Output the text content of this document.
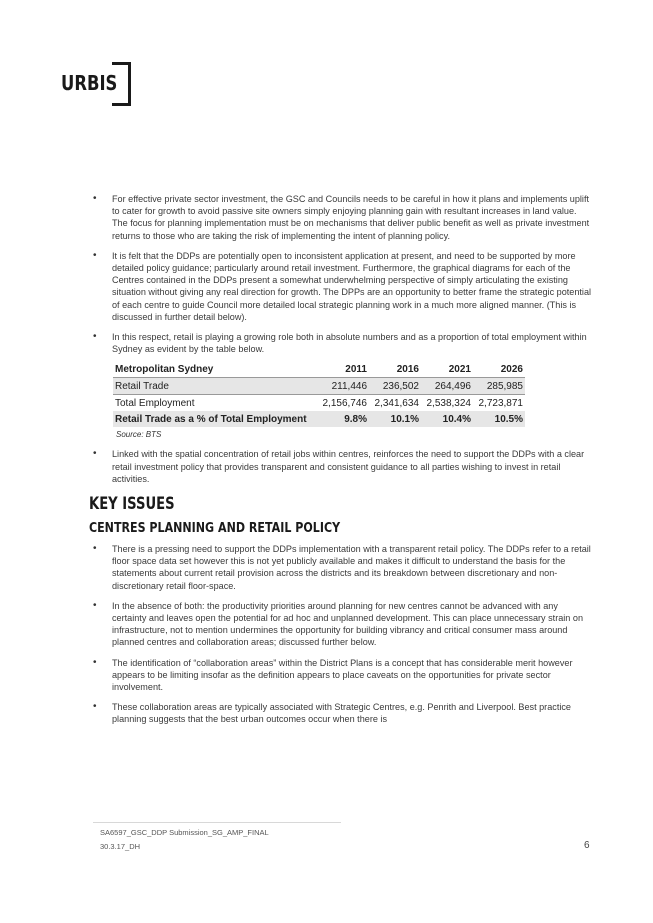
URBIS
• For effective private sector investment, the GSC and Councils needs to be careful in how it plans and implements uplift to cater for growth to avoid passive site owners simply enjoying planning gain with resultant increases in land value. The focus for planning implementation must be on mechanisms that deliver public benefit as well as private investment returns to those who are taking the risk of implementing the intent of planning policy.
• It is felt that the DDPs are potentially open to inconsistent application at present, and need to be supported by more detailed policy guidance; particularly around retail investment. Furthermore, the graphical diagrams for each of the Centres contained in the DDPs present a somewhat underwhelming perspective of simply articulating the existing situation without giving any real direction for growth. The DPPs are an opportunity to better frame the strategic potential of each centre to guide Council more detailed local strategic planning work in a much more aligned manner. (This is discussed in further detail below).
• In this respect, retail is playing a growing role both in absolute numbers and as a proportion of total employment within Sydney as evident by the table below.
Metropolitan Sydney	2011	2016	2021	2026
Retail Trade	211,446	236,502	264,496	285,985
Total Employment	2,156,746	2,341,634	2,538,324	2,723,871
Retail Trade as a % of Total Employment	9.8%	10.1%	10.4%	10.5%
Source: BTS
• Linked with the spatial concentration of retail jobs within centres, reinforces the need to support the DDPs with a clear retail investment policy that provides transparent and consistent guidance to all parties wishing to invest in retail activities.
KEY ISSUES
CENTRES PLANNING AND RETAIL POLICY
• There is a pressing need to support the DDPs implementation with a transparent retail policy. The DDPs refer to a retail floor space data set however this is not yet publicly available and makes it difficult to understand the basis for the statements about current retail provision across the districts and its breakdown between discretionary and non-discretionary retail floor-space.
• In the absence of both: the productivity priorities around planning for new centres cannot be advanced with any certainty and leaves open the potential for ad hoc and unplanned development. This can place unnecessary strain on infrastructure, not to mention undermines the opportunity for building vibrancy and critical consumer mass around planned centres and collaboration areas; discussed further below.
• The identification of “collaboration areas” within the District Plans is a concept that has considerable merit however appears to be limiting insofar as the definition appears to place caveats on the opportunities for private sector involvement.
• These collaboration areas are typically associated with Strategic Centres, e.g. Penrith and Liverpool. Best practice planning suggests that the best urban outcomes occur when there is
SA6597_GSC_DDP Submission_SG_AMP_FINAL
30.3.17_DH	6
